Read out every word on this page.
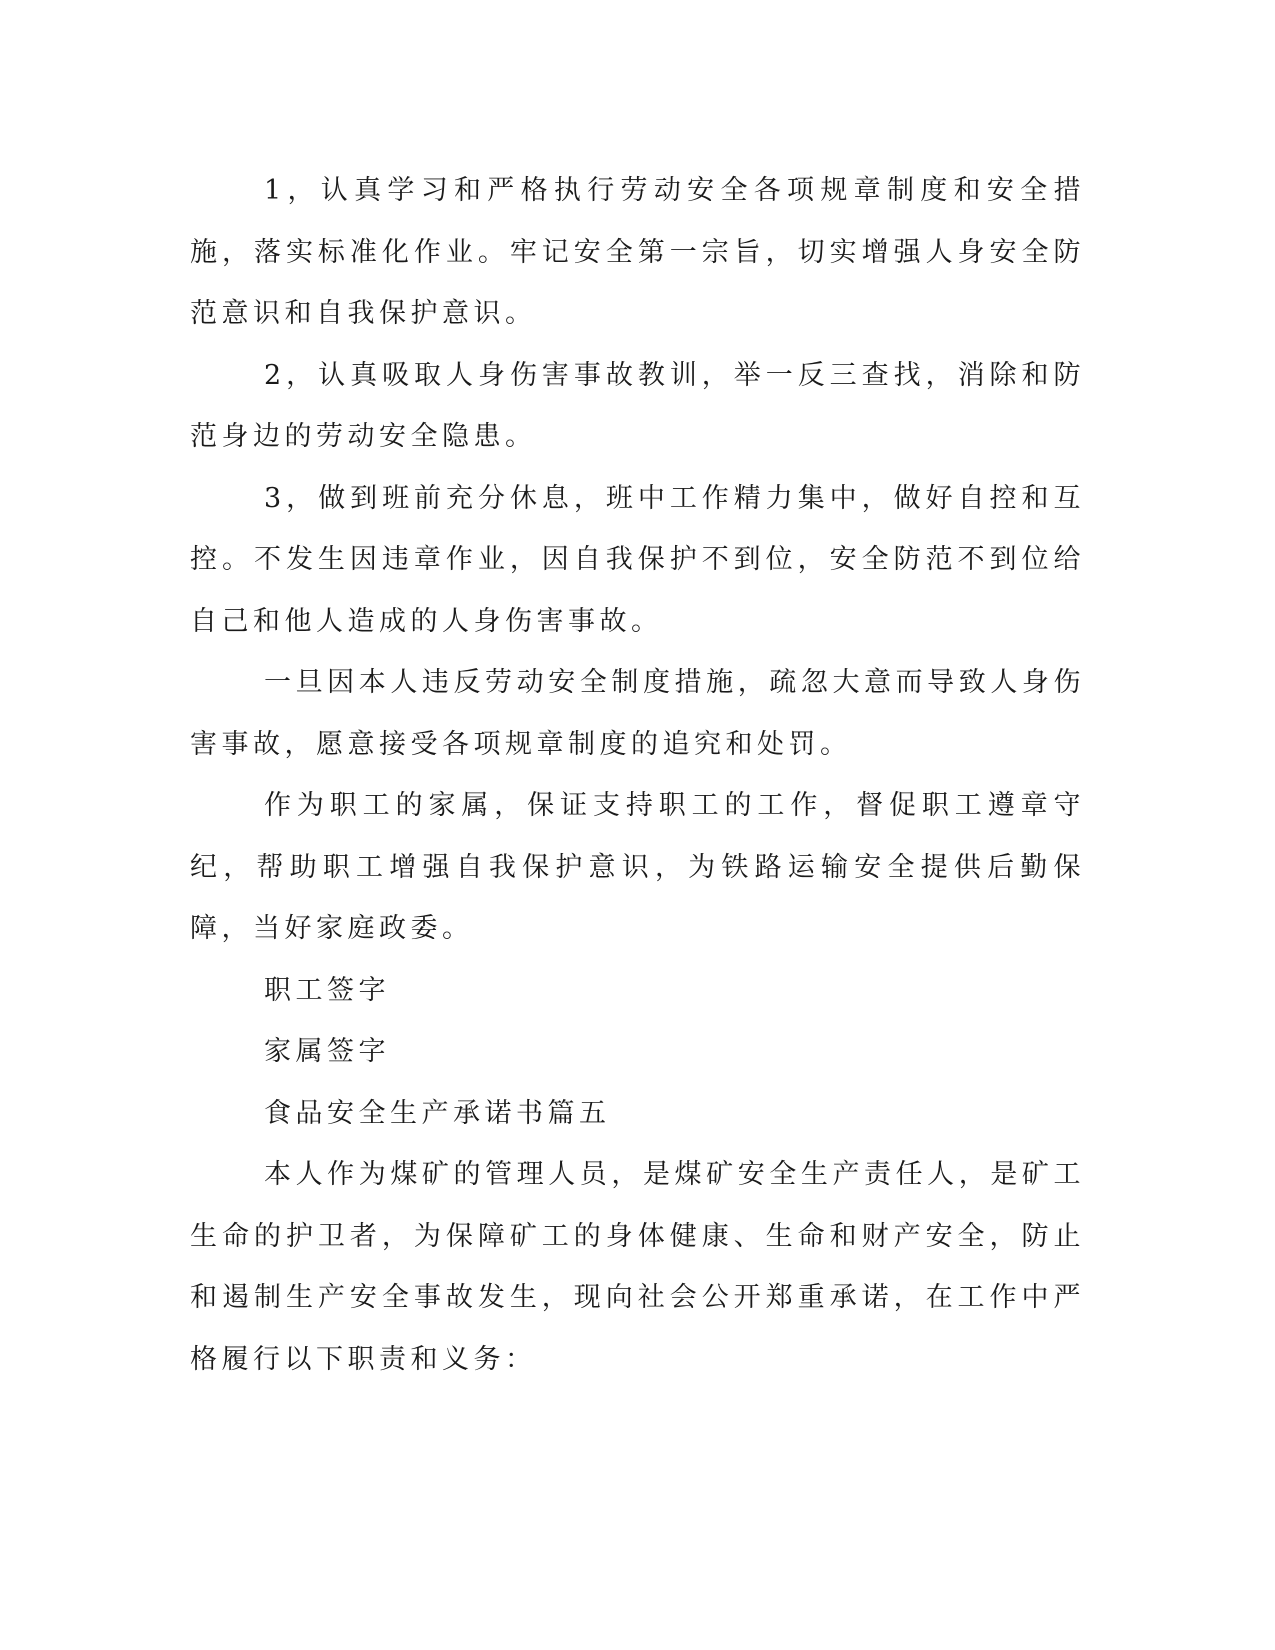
1，认真学习和严格执行劳动安全各项规章制度和安全措施，落实标准化作业。牢记安全第一宗旨，切实增强人身安全防范意识和自我保护意识。

2，认真吸取人身伤害事故教训，举一反三查找，消除和防范身边的劳动安全隐患。

3，做到班前充分休息，班中工作精力集中，做好自控和互控。不发生因违章作业，因自我保护不到位，安全防范不到位给自己和他人造成的人身伤害事故。

一旦因本人违反劳动安全制度措施，疏忽大意而导致人身伤害事故，愿意接受各项规章制度的追究和处罚。

作为职工的家属，保证支持职工的工作，督促职工遵章守纪，帮助职工增强自我保护意识，为铁路运输安全提供后勤保障，当好家庭政委。

职工签字

家属签字

食品安全生产承诺书篇五

本人作为煤矿的管理人员，是煤矿安全生产责任人，是矿工生命的护卫者，为保障矿工的身体健康、生命和财产安全，防止和遏制生产安全事故发生，现向社会公开郑重承诺，在工作中严格履行以下职责和义务：
